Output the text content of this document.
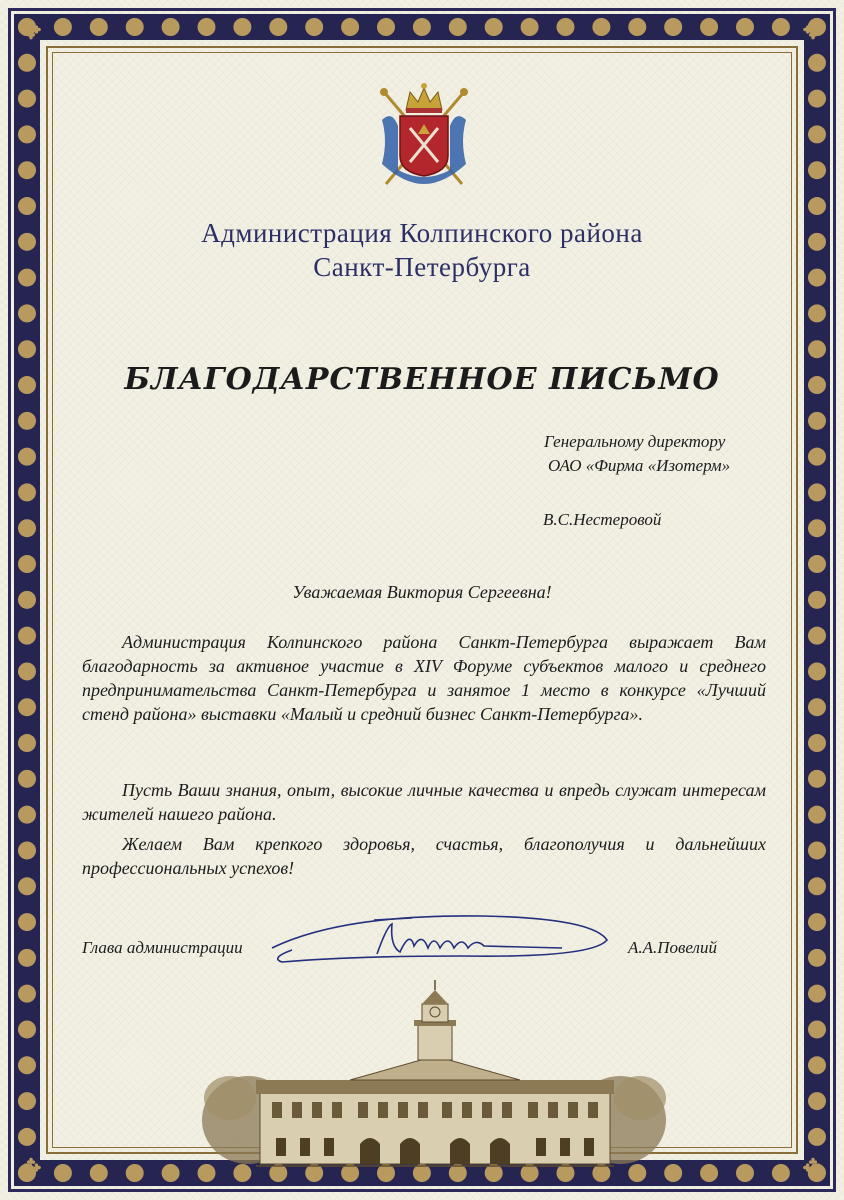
✥	✥
✥	✥
Администрация Колпинского района
Санкт-Петербурга
БЛАГОДАРСТВЕННОЕ ПИСЬМО
Генеральному директору
ОАО «Фирма «Изотерм»
В.С.Нестеровой
Уважаемая Виктория Сергеевна!

Администрация Колпинского района Санкт-Петербурга выражает Вам благодарность за активное участие в XIV Форуме субъектов малого и среднего предпринимательства Санкт-Петербурга и занятое 1 место в конкурсе «Лучший стенд района» выставки «Малый и средний бизнес Санкт-Петербурга».

Пусть Ваши знания, опыт, высокие личные качества и впредь служат интересам жителей нашего района.

Желаем Вам крепкого здоровья, счастья, благополучия и дальнейших профессиональных успехов!

Глава администрации	А.А.Повелий
